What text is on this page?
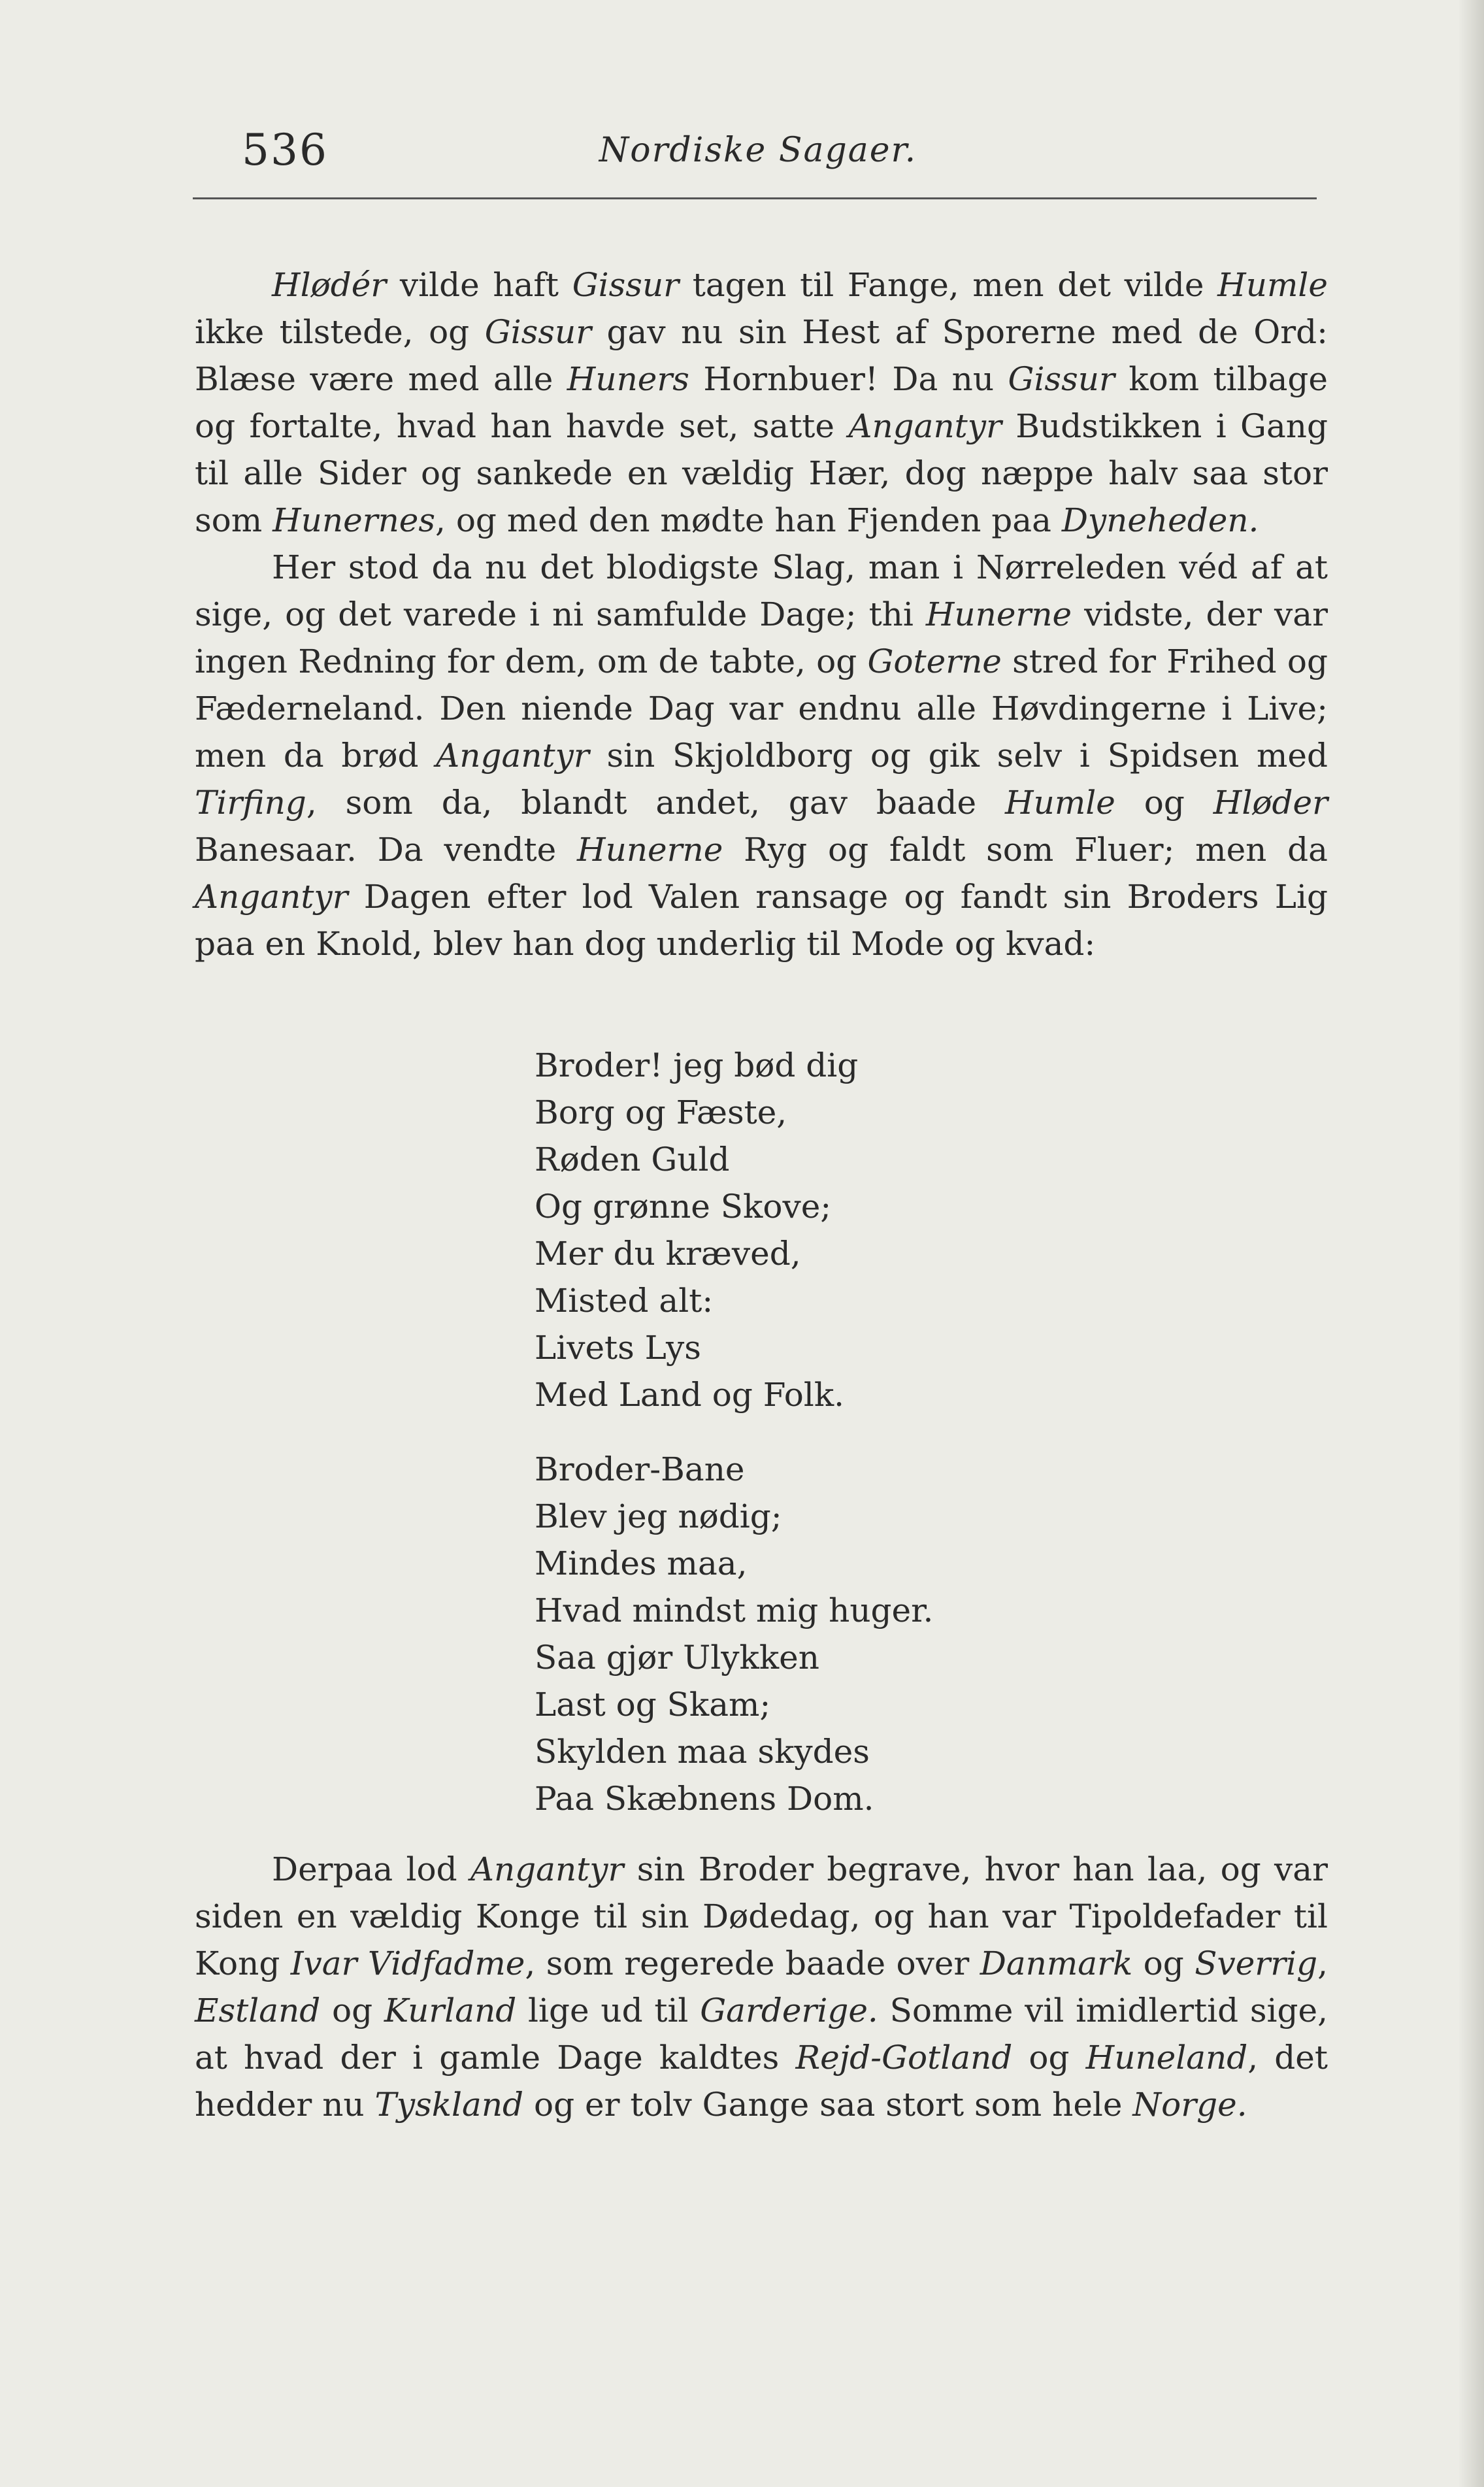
536	Nordiske Sagaer.

Hlødér vilde haft Gissur tagen til Fange, men det vilde Humle ikke tilstede, og Gissur gav nu sin Hest af Sporerne med de Ord: Blæse være med alle Huners Hornbuer! Da nu Gissur kom tilbage og fortalte, hvad han havde set, satte Angantyr Budstikken i Gang til alle Sider og sankede en vældig Hær, dog næppe halv saa stor som Hunernes, og med den mødte han Fjenden paa Dyneheden.

Her stod da nu det blodigste Slag, man i Nørreleden véd af at sige, og det varede i ni samfulde Dage; thi Hunerne vidste, der var ingen Redning for dem, om de tabte, og Goterne stred for Frihed og Fæderneland. Den niende Dag var endnu alle Høvdingerne i Live; men da brød Angantyr sin Skjoldborg og gik selv i Spidsen med Tirfing, som da, blandt andet, gav baade Humle og Hløder Banesaar. Da vendte Hunerne Ryg og faldt som Fluer; men da Angantyr Dagen efter lod Valen ransage og fandt sin Broders Lig paa en Knold, blev han dog underlig til Mode og kvad:

Broder! jeg bød dig
Borg og Fæste,
Røden Guld
Og grønne Skove;
Mer du kræved,
Misted alt:
Livets Lys
Med Land og Folk.
Broder-Bane
Blev jeg nødig;
Mindes maa,
Hvad mindst mig huger.
Saa gjør Ulykken
Last og Skam;
Skylden maa skydes
Paa Skæbnens Dom.

Derpaa lod Angantyr sin Broder begrave, hvor han laa, og var siden en vældig Konge til sin Dødedag, og han var Tipoldefader til Kong Ivar Vidfadme, som regerede baade over Danmark og Sverrig, Estland og Kurland lige ud til Garderige. Somme vil imidlertid sige, at hvad der i gamle Dage kaldtes Rejd-Gotland og Huneland, det hedder nu Tyskland og er tolv Gange saa stort som hele Norge.
